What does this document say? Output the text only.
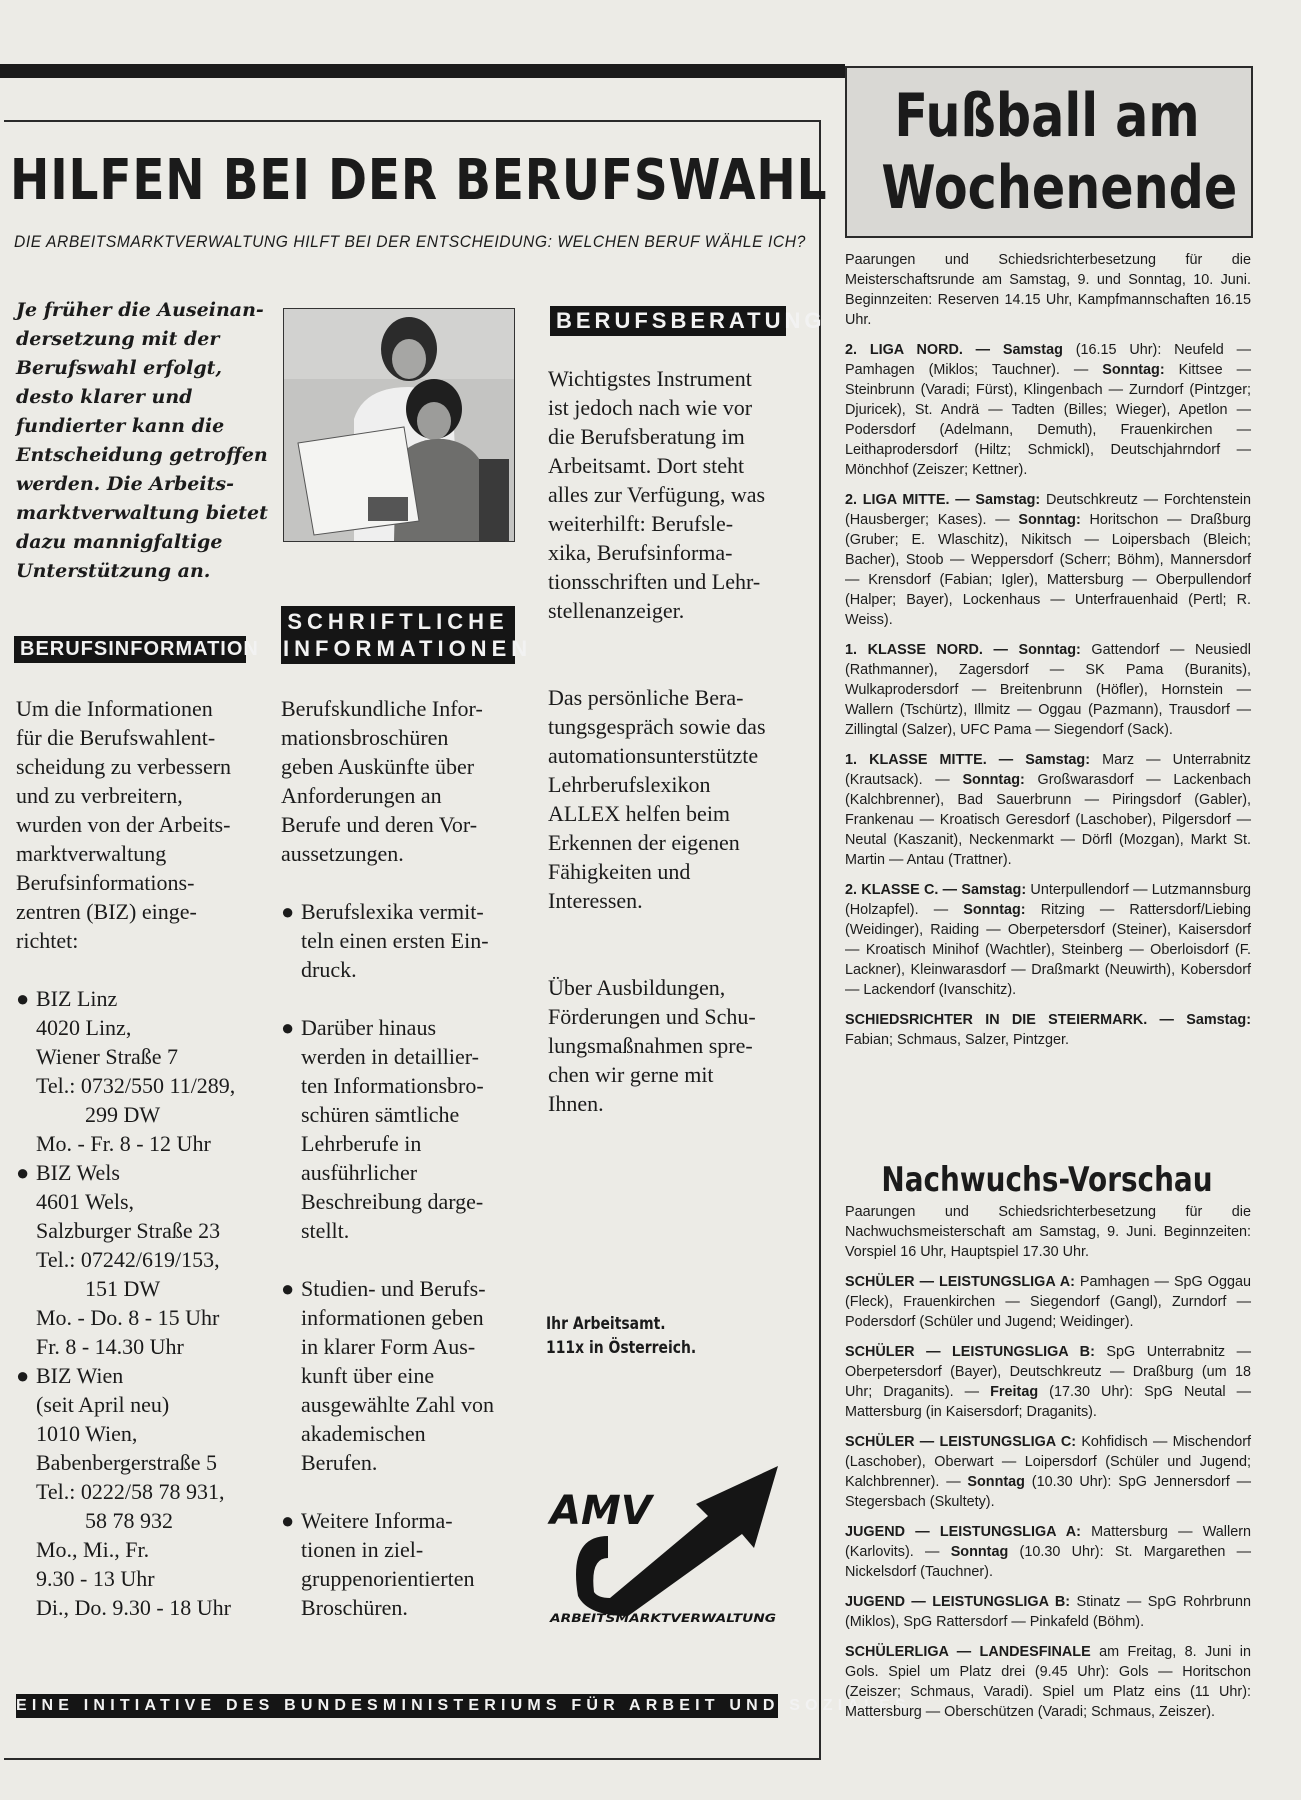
HILFEN BEI DER BERUFSWAHL
DIE ARBEITSMARKTVERWALTUNG HILFT BEI DER ENTSCHEIDUNG: WELCHEN BERUF WÄHLE ICH?
Je früher die Auseinan-
dersetzung mit der
Berufswahl erfolgt,
desto klarer und
fundierter kann die
Entscheidung getroffen
werden. Die Arbeits-
marktverwaltung bietet
dazu mannigfaltige
Unterstützung an.
BERUFSINFORMATION
SCHRIFTLICHE
INFORMATIONEN
BERUFSBERATUNG
Um die Informationen
für die Berufswahlent-
scheidung zu verbessern
und zu verbreitern,
wurden von der Arbeits-
marktverwaltung
Berufsinformations-
zentren (BIZ) einge-
richtet:
● BIZ Linz
4020 Linz,
Wiener Straße 7
Tel.: 0732/550 11/289,
299 DW
Mo. - Fr. 8 - 12 Uhr
● BIZ Wels
4601 Wels,
Salzburger Straße 23
Tel.: 07242/619/153,
151 DW
Mo. - Do. 8 - 15 Uhr
Fr. 8 - 14.30 Uhr
● BIZ Wien
(seit April neu)
1010 Wien,
Babenbergerstraße 5
Tel.: 0222/58 78 931,
58 78 932
Mo., Mi., Fr.
9.30 - 13 Uhr
Di., Do. 9.30 - 18 Uhr
Berufskundliche Infor-
mationsbroschüren
geben Auskünfte über
Anforderungen an
Berufe und deren Vor-
aussetzungen.
● Berufslexika vermit-
teln einen ersten Ein-
druck.
● Darüber hinaus
werden in detaillier-
ten Informationsbro-
schüren sämtliche
Lehrberufe in
ausführlicher
Beschreibung darge-
stellt.
● Studien- und Berufs-
informationen geben
in klarer Form Aus-
kunft über eine
ausgewählte Zahl von
akademischen
Berufen.
● Weitere Informa-
tionen in ziel-
gruppenorientierten
Broschüren.
Wichtigstes Instrument
ist jedoch nach wie vor
die Berufsberatung im
Arbeitsamt. Dort steht
alles zur Verfügung, was
weiterhilft: Berufsle-
xika, Berufsinforma-
tionsschriften und Lehr-
stellenanzeiger.
Das persönliche Bera-
tungsgespräch sowie das
automationsunterstützte
Lehrberufslexikon
ALLEX helfen beim
Erkennen der eigenen
Fähigkeiten und
Interessen.
Über Ausbildungen,
Förderungen und Schu-
lungsmaßnahmen spre-
chen wir gerne mit
Ihnen.
Ihr Arbeitsamt.
111x in Österreich.
AMV
ARBEITSMARKTVERWALTUNG
EINE INITIATIVE DES BUNDESMINISTERIUMS FÜR ARBEIT UND SOZIALES
Fußball am
Wochenende

Paarungen und Schiedsrichterbesetzung für die Meisterschaftsrunde am Samstag, 9. und Sonntag, 10. Juni. Beginnzeiten: Reserven 14.15 Uhr, Kampfmannschaften 16.15 Uhr.

2. LIGA NORD. — Samstag (16.15 Uhr): Neufeld — Pamhagen (Miklos; Tauchner). — Sonntag: Kittsee — Steinbrunn (Varadi; Fürst), Klingenbach — Zurndorf (Pintzger; Djuricek), St. Andrä — Tadten (Billes; Wieger), Apetlon — Podersdorf (Adelmann, Demuth), Frauenkirchen — Leithaprodersdorf (Hiltz; Schmickl), Deutschjahrndorf — Mönchhof (Zeiszer; Kettner).

2. LIGA MITTE. — Samstag: Deutschkreutz — Forchtenstein (Hausberger; Kases). — Sonntag: Horitschon — Draßburg (Gruber; E. Wlaschitz), Nikitsch — Loipersbach (Bleich; Bacher), Stoob — Weppersdorf (Scherr; Böhm), Mannersdorf — Krensdorf (Fabian; Igler), Mattersburg — Oberpullendorf (Halper; Bayer), Lockenhaus — Unterfrauenhaid (Pertl; R. Weiss).

1. KLASSE NORD. — Sonntag: Gattendorf — Neusiedl (Rathmanner), Zagersdorf — SK Pama (Buranits), Wulkaprodersdorf — Breitenbrunn (Höfler), Hornstein — Wallern (Tschürtz), Illmitz — Oggau (Pazmann), Trausdorf — Zillingtal (Salzer), UFC Pama — Siegendorf (Sack).

1. KLASSE MITTE. — Samstag: Marz — Unterrabnitz (Krautsack). — Sonntag: Großwarasdorf — Lackenbach (Kalchbrenner), Bad Sauerbrunn — Piringsdorf (Gabler), Frankenau — Kroatisch Geresdorf (Laschober), Pilgersdorf — Neutal (Kaszanit), Neckenmarkt — Dörfl (Mozgan), Markt St. Martin — Antau (Trattner).

2. KLASSE C. — Samstag: Unterpullendorf — Lutzmannsburg (Holzapfel). — Sonntag: Ritzing — Rattersdorf/Liebing (Weidinger), Raiding — Oberpetersdorf (Steiner), Kaisersdorf — Kroatisch Minihof (Wachtler), Steinberg — Oberloisdorf (F. Lackner), Kleinwarasdorf — Draßmarkt (Neuwirth), Kobersdorf — Lackendorf (Ivanschitz).

SCHIEDSRICHTER IN DIE STEIERMARK. — Samstag: Fabian; Schmaus, Salzer, Pintzger.

Nachwuchs-Vorschau

Paarungen und Schiedsrichterbesetzung für die Nachwuchsmeisterschaft am Samstag, 9. Juni. Beginnzeiten: Vorspiel 16 Uhr, Hauptspiel 17.30 Uhr.

SCHÜLER — LEISTUNGSLIGA A: Pamhagen — SpG Oggau (Fleck), Frauenkirchen — Siegendorf (Gangl), Zurndorf — Podersdorf (Schüler und Jugend; Weidinger).

SCHÜLER — LEISTUNGSLIGA B: SpG Unterrabnitz — Oberpetersdorf (Bayer), Deutschkreutz — Draßburg (um 18 Uhr; Draganits). — Freitag (17.30 Uhr): SpG Neutal — Mattersburg (in Kaisersdorf; Draganits).

SCHÜLER — LEISTUNGSLIGA C: Kohfidisch — Mischendorf (Laschober), Oberwart — Loipersdorf (Schüler und Jugend; Kalchbrenner). — Sonntag (10.30 Uhr): SpG Jennersdorf — Stegersbach (Skultety).

JUGEND — LEISTUNGSLIGA A: Mattersburg — Wallern (Karlovits). — Sonntag (10.30 Uhr): St. Margarethen — Nickelsdorf (Tauchner).

JUGEND — LEISTUNGSLIGA B: Stinatz — SpG Rohrbrunn (Miklos), SpG Rattersdorf — Pinkafeld (Böhm).

SCHÜLERLIGA — LANDESFINALE am Freitag, 8. Juni in Gols. Spiel um Platz drei (9.45 Uhr): Gols — Horitschon (Zeiszer; Schmaus, Varadi). Spiel um Platz eins (11 Uhr): Mattersburg — Oberschützen (Varadi; Schmaus, Zeiszer).
